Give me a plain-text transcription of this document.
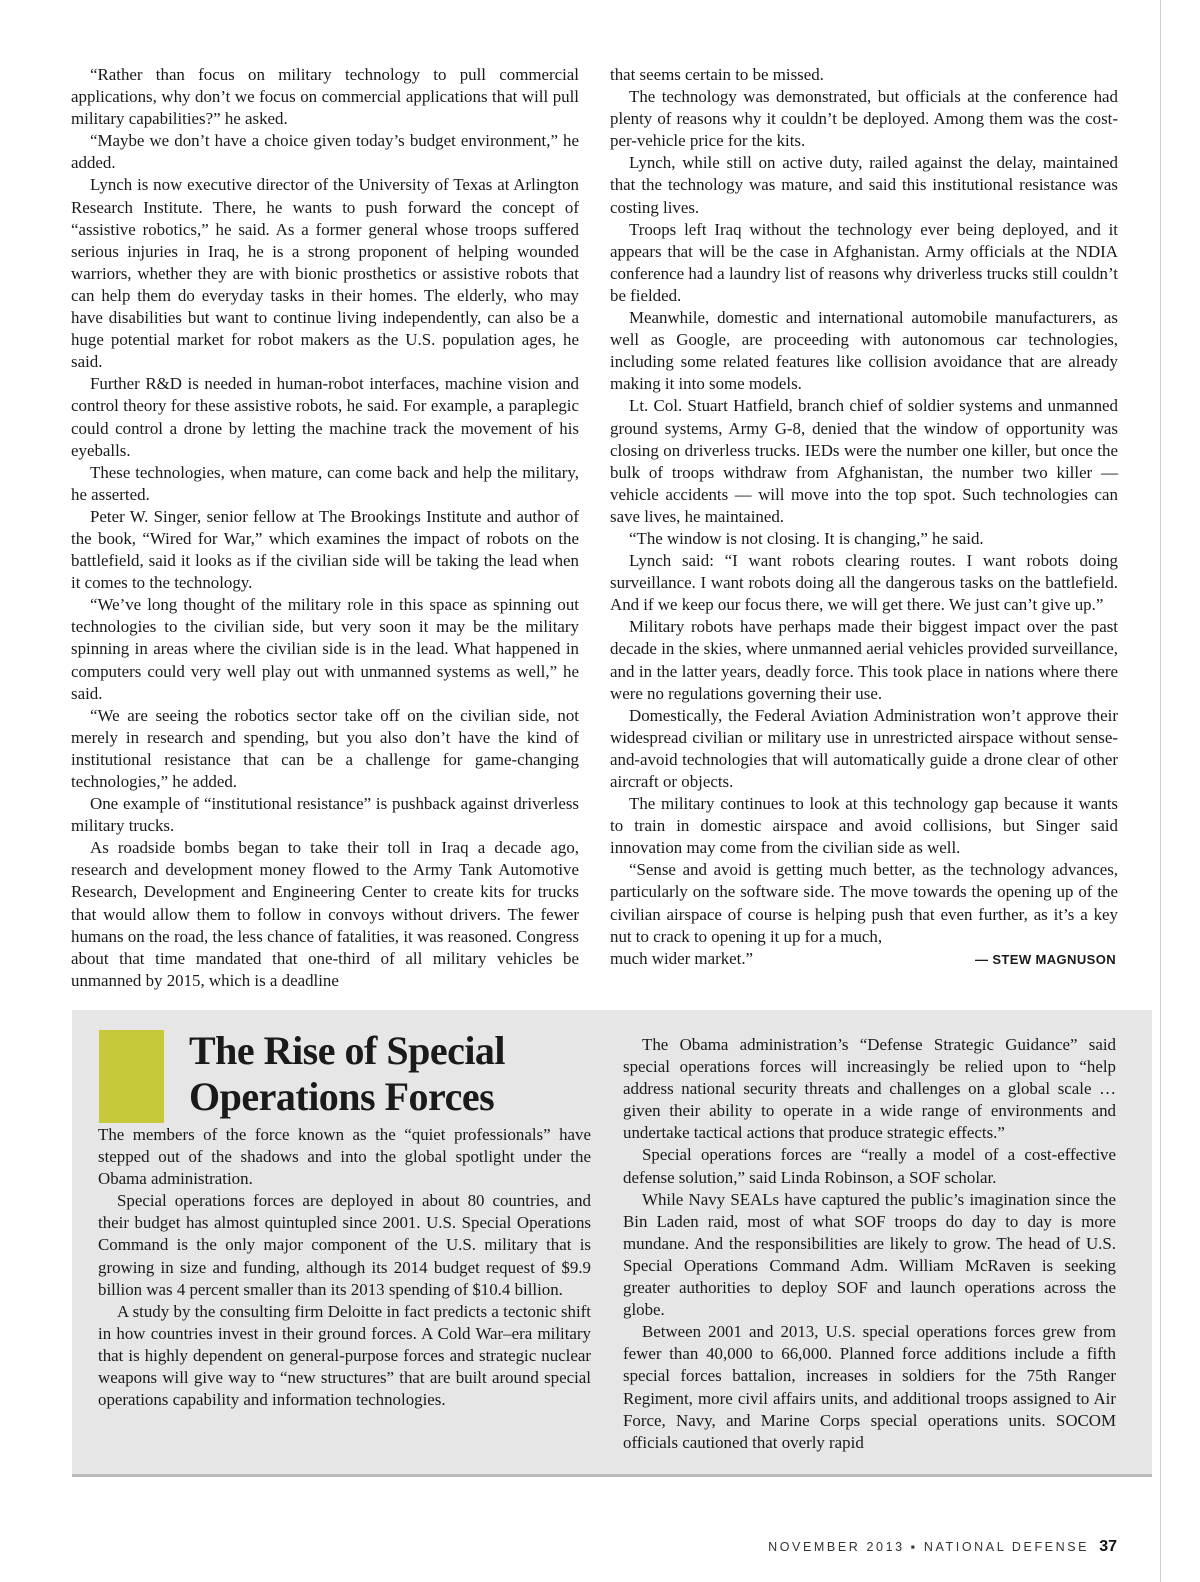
“Rather than focus on military technology to pull commercial applications, why don’t we focus on commercial applications that will pull military capabilities?” he asked.

“Maybe we don’t have a choice given today’s budget environment,” he added.

Lynch is now executive director of the University of Texas at Arlington Research Institute. There, he wants to push forward the concept of “assistive robotics,” he said. As a former general whose troops suffered serious injuries in Iraq, he is a strong proponent of helping wounded warriors, whether they are with bionic prosthetics or assistive robots that can help them do everyday tasks in their homes. The elderly, who may have disabilities but want to continue living independently, can also be a huge potential market for robot makers as the U.S. population ages, he said.

Further R&D is needed in human-robot interfaces, machine vision and control theory for these assistive robots, he said. For example, a paraplegic could control a drone by letting the machine track the movement of his eyeballs.

These technologies, when mature, can come back and help the military, he asserted.

Peter W. Singer, senior fellow at The Brookings Institute and author of the book, “Wired for War,” which examines the impact of robots on the battlefield, said it looks as if the civilian side will be taking the lead when it comes to the technology.

“We’ve long thought of the military role in this space as spinning out technologies to the civilian side, but very soon it may be the military spinning in areas where the civilian side is in the lead. What happened in computers could very well play out with unmanned systems as well,” he said.

“We are seeing the robotics sector take off on the civilian side, not merely in research and spending, but you also don’t have the kind of institutional resistance that can be a challenge for game-changing technologies,” he added.

One example of “institutional resistance” is pushback against driverless military trucks.

As roadside bombs began to take their toll in Iraq a decade ago, research and development money flowed to the Army Tank Automotive Research, Development and Engineering Center to create kits for trucks that would allow them to follow in convoys without drivers. The fewer humans on the road, the less chance of fatalities, it was reasoned. Congress about that time mandated that one-third of all military vehicles be unmanned by 2015, which is a deadline

that seems certain to be missed.

The technology was demonstrated, but officials at the conference had plenty of reasons why it couldn’t be deployed. Among them was the cost-per-vehicle price for the kits.

Lynch, while still on active duty, railed against the delay, maintained that the technology was mature, and said this institutional resistance was costing lives.

Troops left Iraq without the technology ever being deployed, and it appears that will be the case in Afghanistan. Army officials at the NDIA conference had a laundry list of reasons why driverless trucks still couldn’t be fielded.

Meanwhile, domestic and international automobile manufacturers, as well as Google, are proceeding with autonomous car technologies, including some related features like collision avoidance that are already making it into some models.

Lt. Col. Stuart Hatfield, branch chief of soldier systems and unmanned ground systems, Army G-8, denied that the window of opportunity was closing on driverless trucks. IEDs were the number one killer, but once the bulk of troops withdraw from Afghanistan, the number two killer — vehicle accidents — will move into the top spot. Such technologies can save lives, he maintained.

“The window is not closing. It is changing,” he said.

Lynch said: “I want robots clearing routes. I want robots doing surveillance. I want robots doing all the dangerous tasks on the battlefield. And if we keep our focus there, we will get there. We just can’t give up.”

Military robots have perhaps made their biggest impact over the past decade in the skies, where unmanned aerial vehicles provided surveillance, and in the latter years, deadly force. This took place in nations where there were no regulations governing their use.

Domestically, the Federal Aviation Administration won’t approve their widespread civilian or military use in unrestricted airspace without sense-and-avoid technologies that will automatically guide a drone clear of other aircraft or objects.

The military continues to look at this technology gap because it wants to train in domestic airspace and avoid collisions, but Singer said innovation may come from the civilian side as well.

“Sense and avoid is getting much better, as the technology advances, particularly on the software side. The move towards the opening up of the civilian airspace of course is helping push that even further, as it’s a key nut to crack to opening it up for a much,

much wider market.”	— STEW MAGNUSON
The Rise of Special Operations Forces

The members of the force known as the “quiet professionals” have stepped out of the shadows and into the global spotlight under the Obama administration.

Special operations forces are deployed in about 80 countries, and their budget has almost quintupled since 2001. U.S. Special Operations Command is the only major component of the U.S. military that is growing in size and funding, although its 2014 budget request of $9.9 billion was 4 percent smaller than its 2013 spending of $10.4 billion.

A study by the consulting firm Deloitte in fact predicts a tectonic shift in how countries invest in their ground forces. A Cold War–era military that is highly dependent on general-purpose forces and strategic nuclear weapons will give way to “new structures” that are built around special operations capability and information technologies.

The Obama administration’s “Defense Strategic Guidance” said special operations forces will increasingly be relied upon to “help address national security threats and challenges on a global scale … given their ability to operate in a wide range of environments and undertake tactical actions that produce strategic effects.”

Special operations forces are “really a model of a cost-effective defense solution,” said Linda Robinson, a SOF scholar.

While Navy SEALs have captured the public’s imagination since the Bin Laden raid, most of what SOF troops do day to day is more mundane. And the responsibilities are likely to grow. The head of U.S. Special Operations Command Adm. William McRaven is seeking greater authorities to deploy SOF and launch operations across the globe.

Between 2001 and 2013, U.S. special operations forces grew from fewer than 40,000 to 66,000. Planned force additions include a fifth special forces battalion, increases in soldiers for the 75th Ranger Regiment, more civil affairs units, and additional troops assigned to Air Force, Navy, and Marine Corps special operations units. SOCOM officials cautioned that overly rapid

NOVEMBER 2013 ▪ NATIONAL DEFENSE 37
